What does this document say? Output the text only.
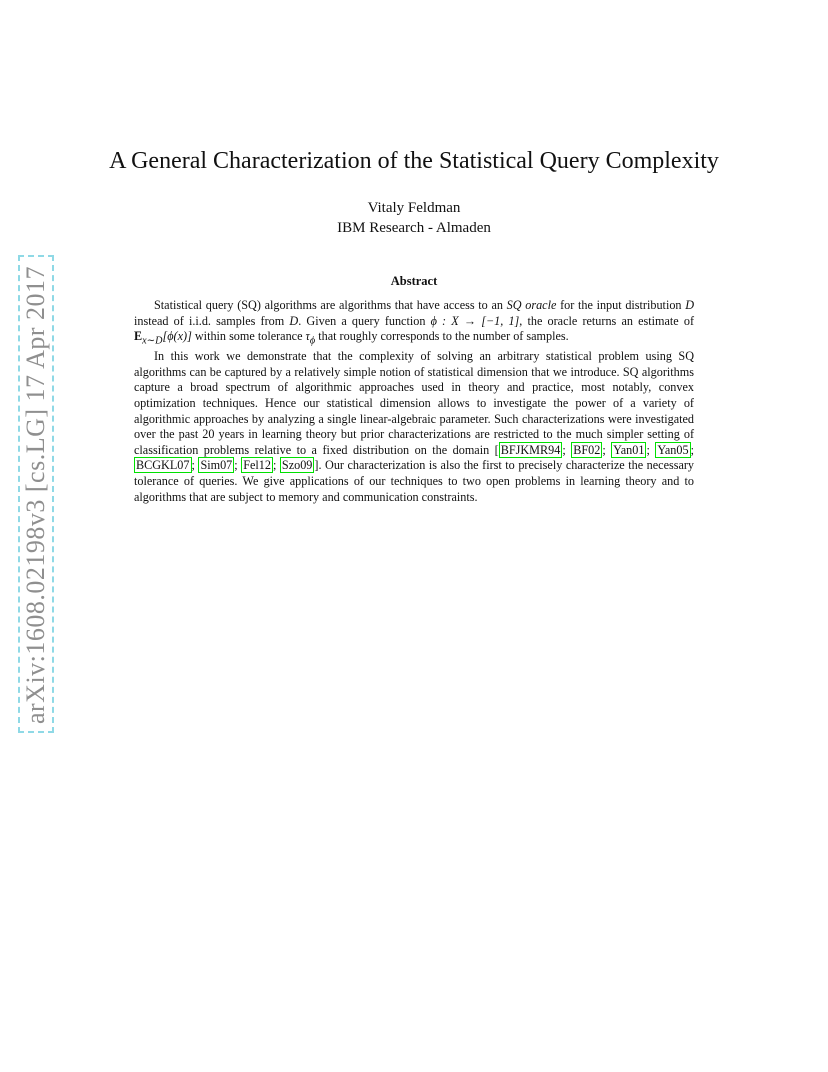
arXiv:1608.02198v3 [cs.LG] 17 Apr 2017
A General Characterization of the Statistical Query Complexity
Vitaly Feldman
IBM Research - Almaden
Abstract

Statistical query (SQ) algorithms are algorithms that have access to an SQ oracle for the input distribution D instead of i.i.d. samples from D. Given a query function ϕ : X → [−1, 1], the oracle returns an estimate of $E_{x\sim D}[\phi(x)]$ within some tolerance $\tau_\phi$ that roughly corresponds to the number of samples.

In this work we demonstrate that the complexity of solving an arbitrary statistical problem using SQ algorithms can be captured by a relatively simple notion of statistical dimension that we introduce. SQ algorithms capture a broad spectrum of algorithmic approaches used in theory and practice, most notably, convex optimization techniques. Hence our statistical dimension allows to investigate the power of a variety of algorithmic approaches by analyzing a single linear-algebraic parameter. Such characterizations were investigated over the past 20 years in learning theory but prior characterizations are restricted to the much simpler setting of classification problems relative to a fixed distribution on the domain [ BFJKMR94 ; BF02 ; Yan01 ; Yan05 ; BCGKL07 ; Sim07 ; Fel12 ; Szo09 ]. Our characterization is also the first to precisely characterize the necessary tolerance of queries. We give applications of our techniques to two open problems in learning theory and to algorithms that are subject to memory and communication constraints.
